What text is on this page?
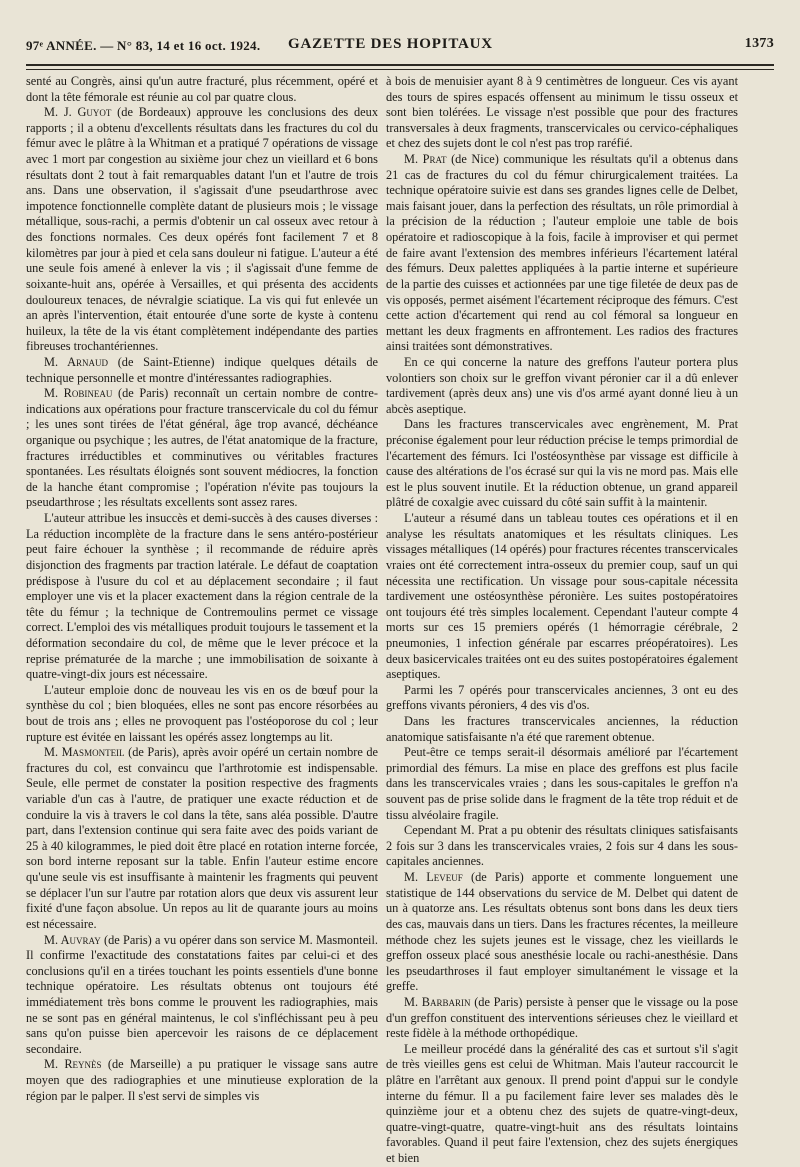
97ᵉ ANNÉE. — N° 83, 14 et 16 oct. 1924. GAZETTE DES HOPITAUX	1373

senté au Congrès, ainsi qu'un autre fracturé, plus récemment, opéré et dont la tête fémorale est réunie au col par quatre clous.

M. J. Guyot (de Bordeaux) approuve les conclusions des deux rapports ; il a obtenu d'excellents résultats dans les fractures du col du fémur avec le plâtre à la Whitman et a pratiqué 7 opérations de vissage avec 1 mort par congestion au sixième jour chez un vieillard et 6 bons résultats dont 2 tout à fait remarquables datant l'un et l'autre de trois ans. Dans une observation, il s'agissait d'une pseudarthrose avec impotence fonctionnelle complète datant de plusieurs mois ; le vissage métallique, sous-rachi, a permis d'obtenir un cal osseux avec retour à des fonctions normales. Ces deux opérés font facilement 7 et 8 kilomètres par jour à pied et cela sans douleur ni fatigue. L'auteur a été une seule fois amené à enlever la vis ; il s'agissait d'une femme de soixante-huit ans, opérée à Versailles, et qui présenta des accidents douloureux tenaces, de névralgie sciatique. La vis qui fut enlevée un an après l'intervention, était entourée d'une sorte de kyste à contenu huileux, la tête de la vis étant complètement indépendante des parties fibreuses trochantériennes.

M. Arnaud (de Saint-Etienne) indique quelques détails de technique personnelle et montre d'intéressantes radiographies.

M. Robineau (de Paris) reconnaît un certain nombre de contre-indications aux opérations pour fracture transcervicale du col du fémur ; les unes sont tirées de l'état général, âge trop avancé, déchéance organique ou psychique ; les autres, de l'état anatomique de la fracture, fractures irréductibles et comminutives ou véritables fractures spontanées. Les résultats éloignés sont souvent médiocres, la fonction de la hanche étant compromise ; l'opération n'évite pas toujours la pseudarthrose ; les résultats excellents sont assez rares.

L'auteur attribue les insuccès et demi-succès à des causes diverses : La réduction incomplète de la fracture dans le sens antéro-postérieur peut faire échouer la synthèse ; il recommande de réduire après disjonction des fragments par traction latérale. Le défaut de coaptation prédispose à l'usure du col et au déplacement secondaire ; il faut employer une vis et la placer exactement dans la région centrale de la tête du fémur ; la technique de Contremoulins permet ce vissage correct. L'emploi des vis métalliques produit toujours le tassement et la déformation secondaire du col, de même que le lever précoce et la reprise prématurée de la marche ; une immobilisation de soixante à quatre-vingt-dix jours est nécessaire.

L'auteur emploie donc de nouveau les vis en os de bœuf pour la synthèse du col ; bien bloquées, elles ne sont pas encore résorbées au bout de trois ans ; elles ne provoquent pas l'ostéoporose du col ; leur rupture est évitée en laissant les opérés assez longtemps au lit.

M. Masmonteil (de Paris), après avoir opéré un certain nombre de fractures du col, est convaincu que l'arthrotomie est indispensable. Seule, elle permet de constater la position respective des fragments variable d'un cas à l'autre, de pratiquer une exacte réduction et de conduire la vis à travers le col dans la tête, sans aléa possible. D'autre part, dans l'extension continue qui sera faite avec des poids variant de 25 à 40 kilogrammes, le pied doit être placé en rotation interne forcée, son bord interne reposant sur la table. Enfin l'auteur estime encore qu'une seule vis est insuffisante à maintenir les fragments qui peuvent se déplacer l'un sur l'autre par rotation alors que deux vis assurent leur fixité d'une façon absolue. Un repos au lit de quarante jours au moins est nécessaire.

M. Auvray (de Paris) a vu opérer dans son service M. Masmonteil. Il confirme l'exactitude des constatations faites par celui-ci et des conclusions qu'il en a tirées touchant les points essentiels d'une bonne technique opératoire. Les résultats obtenus ont toujours été immédiatement très bons comme le prouvent les radiographies, mais ne se sont pas en général maintenus, le col s'infléchissant peu à peu sans qu'on puisse bien apercevoir les raisons de ce déplacement secondaire.

M. Reynès (de Marseille) a pu pratiquer le vissage sans autre moyen que des radiographies et une minutieuse exploration de la région par le palper. Il s'est servi de simples vis

à bois de menuisier ayant 8 à 9 centimètres de longueur. Ces vis ayant des tours de spires espacés offensent au minimum le tissu osseux et sont bien tolérées. Le vissage n'est possible que pour des fractures transversales à deux fragments, transcervicales ou cervico-céphaliques et chez des sujets dont le col n'est pas trop raréfié.

M. Prat (de Nice) communique les résultats qu'il a obtenus dans 21 cas de fractures du col du fémur chirurgicalement traitées. La technique opératoire suivie est dans ses grandes lignes celle de Delbet, mais faisant jouer, dans la perfection des résultats, un rôle primordial à la précision de la réduction ; l'auteur emploie une table de bois opératoire et radioscopique à la fois, facile à improviser et qui permet de faire avant l'extension des membres inférieurs l'écartement latéral des fémurs. Deux palettes appliquées à la partie interne et supérieure de la partie des cuisses et actionnées par une tige filetée de deux pas de vis opposés, permet aisément l'écartement réciproque des fémurs. C'est cette action d'écartement qui rend au col fémoral sa longueur en mettant les deux fragments en affrontement. Les radios des fractures ainsi traitées sont démonstratives.

En ce qui concerne la nature des greffons l'auteur portera plus volontiers son choix sur le greffon vivant péronier car il a dû enlever tardivement (après deux ans) une vis d'os armé ayant donné lieu à un abcès aseptique.

Dans les fractures transcervicales avec engrènement, M. Prat préconise également pour leur réduction précise le temps primordial de l'écartement des fémurs. Ici l'ostéosynthèse par vissage est difficile à cause des altérations de l'os écrasé sur qui la vis ne mord pas. Mais elle est le plus souvent inutile. Et la réduction obtenue, un grand appareil plâtré de coxalgie avec cuissard du côté sain suffit à la maintenir.

L'auteur a résumé dans un tableau toutes ces opérations et il en analyse les résultats anatomiques et les résultats cliniques. Les vissages métalliques (14 opérés) pour fractures récentes transcervicales vraies ont été correctement intra-osseux du premier coup, sauf un qui nécessita une rectification. Un vissage pour sous-capitale nécessita tardivement une ostéosynthèse péronière. Les suites postopératoires ont toujours été très simples localement. Cependant l'auteur compte 4 morts sur ces 15 premiers opérés (1 hémorragie cérébrale, 2 pneumonies, 1 infection générale par escarres préopératoires). Les deux basicervicales traitées ont eu des suites postopératoires également aseptiques.

Parmi les 7 opérés pour transcervicales anciennes, 3 ont eu des greffons vivants péroniers, 4 des vis d'os.

Dans les fractures transcervicales anciennes, la réduction anatomique satisfaisante n'a été que rarement obtenue.

Peut-être ce temps serait-il désormais amélioré par l'écartement primordial des fémurs. La mise en place des greffons est plus facile dans les transcervicales vraies ; dans les sous-capitales le greffon n'a souvent pas de prise solide dans le fragment de la tête trop réduit et de tissu alvéolaire fragile.

Cependant M. Prat a pu obtenir des résultats cliniques satisfaisants 2 fois sur 3 dans les transcervicales vraies, 2 fois sur 4 dans les sous-capitales anciennes.

M. Leveuf (de Paris) apporte et commente longuement une statistique de 144 observations du service de M. Delbet qui datent de un à quatorze ans. Les résultats obtenus sont bons dans les deux tiers des cas, mauvais dans un tiers. Dans les fractures récentes, la meilleure méthode chez les sujets jeunes est le vissage, chez les vieillards le greffon osseux placé sous anesthésie locale ou rachi-anesthésie. Dans les pseudarthroses il faut employer simultanément le vissage et la greffe.

M. Barbarin (de Paris) persiste à penser que le vissage ou la pose d'un greffon constituent des interventions sérieuses chez le vieillard et reste fidèle à la méthode orthopédique.

Le meilleur procédé dans la généralité des cas et surtout s'il s'agit de très vieilles gens est celui de Whitman. Mais l'auteur raccourcit le plâtre en l'arrêtant aux genoux. Il prend point d'appui sur le condyle interne du fémur. Il a pu facilement faire lever ses malades dès le quinzième jour et a obtenu chez des sujets de quatre-vingt-deux, quatre-vingt-quatre, quatre-vingt-huit ans des résultats lointains favorables. Quand il peut faire l'extension, chez des sujets énergiques et bien
